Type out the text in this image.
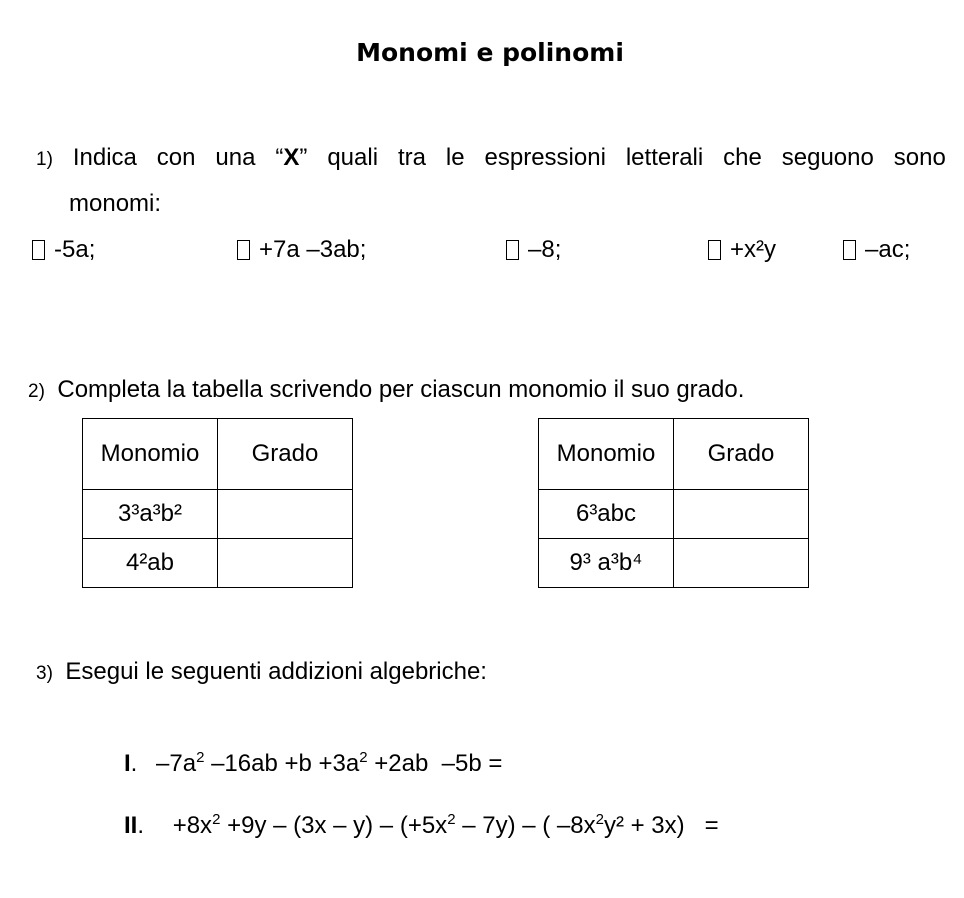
Monomi e polinomi
1) Indica con una “X” quali tra le espressioni letterali che seguono sono
monomi:
-5a;	+7a –3ab;	–8;	+x²y	–ac;
2) Completa la tabella scrivendo per ciascun monomio il suo grado.
Monomio	Grado
3³a³b²	
4²ab	
Monomio	Grado
6³abc	
9³ a³b⁴	
3) Esegui le seguenti addizioni algebriche:
I. $-7a^2$ $-16ab +b +3a^2 +2ab$  –5b =
II. $+8x^2 +9y - (3x - y) - (+5x^2 - 7y)$ – ( $-8x^2y^2 + 3x$)   =
